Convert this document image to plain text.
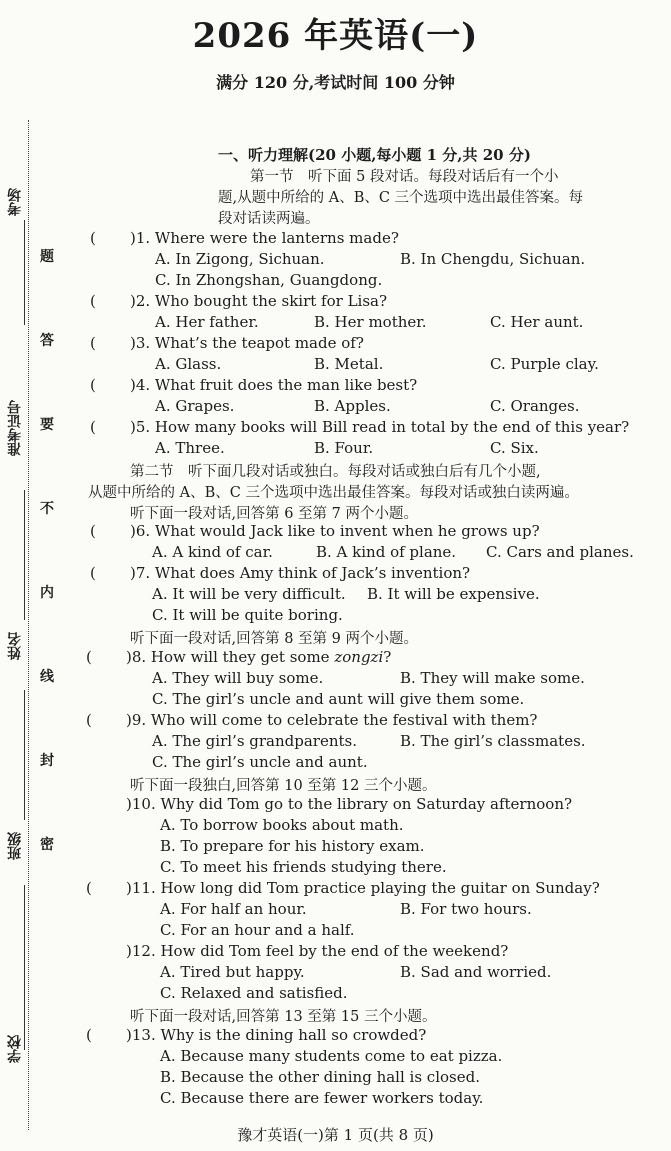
2026 年英语(一)
满分 120 分,考试时间 100 分钟
考场
准考证号
姓名
班级
学校
题
答
要
不
内
线
封
密
一、听力理解(20 小题,每小题 1 分,共 20 分)
第一节　听下面 5 段对话。每段对话后有一个小
题,从题中所给的 A、B、C 三个选项中选出最佳答案。每
段对话读两遍。
( )1. Where were the lanterns made?
A. In Zigong, Sichuan.	B. In Chengdu, Sichuan.
C. In Zhongshan, Guangdong.
( )2. Who bought the skirt for Lisa?
A. Her father.	B. Her mother.	C. Her aunt.
( )3. What’s the teapot made of?
A. Glass.	B. Metal.	C. Purple clay.
( )4. What fruit does the man like best?
A. Grapes.	B. Apples.	C. Oranges.
( )5. How many books will Bill read in total by the end of this year?
A. Three.	B. Four.	C. Six.
第二节　听下面几段对话或独白。每段对话或独白后有几个小题,
从题中所给的 A、B、C 三个选项中选出最佳答案。每段对话或独白读两遍。
听下面一段对话,回答第 6 至第 7 两个小题。
( )6. What would Jack like to invent when he grows up?
A. A kind of car.	B. A kind of plane. C. Cars and planes.
( )7. What does Amy think of Jack’s invention?
A. It will be very difficult. B. It will be expensive.
C. It will be quite boring.
听下面一段对话,回答第 8 至第 9 两个小题。
( )8. How will they get some zongzi?
A. They will buy some.	B. They will make some.
C. The girl’s uncle and aunt will give them some.
( )9. Who will come to celebrate the festival with them?
A. The girl’s grandparents.	B. The girl’s classmates.
C. The girl’s uncle and aunt.
听下面一段独白,回答第 10 至第 12 三个小题。
)10. Why did Tom go to the library on Saturday afternoon?
A. To borrow books about math.
B. To prepare for his history exam.
C. To meet his friends studying there.
( )11. How long did Tom practice playing the guitar on Sunday?
A. For half an hour.	B. For two hours.
C. For an hour and a half.
)12. How did Tom feel by the end of the weekend?
A. Tired but happy.	B. Sad and worried.
C. Relaxed and satisfied.
听下面一段对话,回答第 13 至第 15 三个小题。
( )13. Why is the dining hall so crowded?
A. Because many students come to eat pizza.
B. Because the other dining hall is closed.
C. Because there are fewer workers today.
豫才英语(一)第 1 页(共 8 页)
